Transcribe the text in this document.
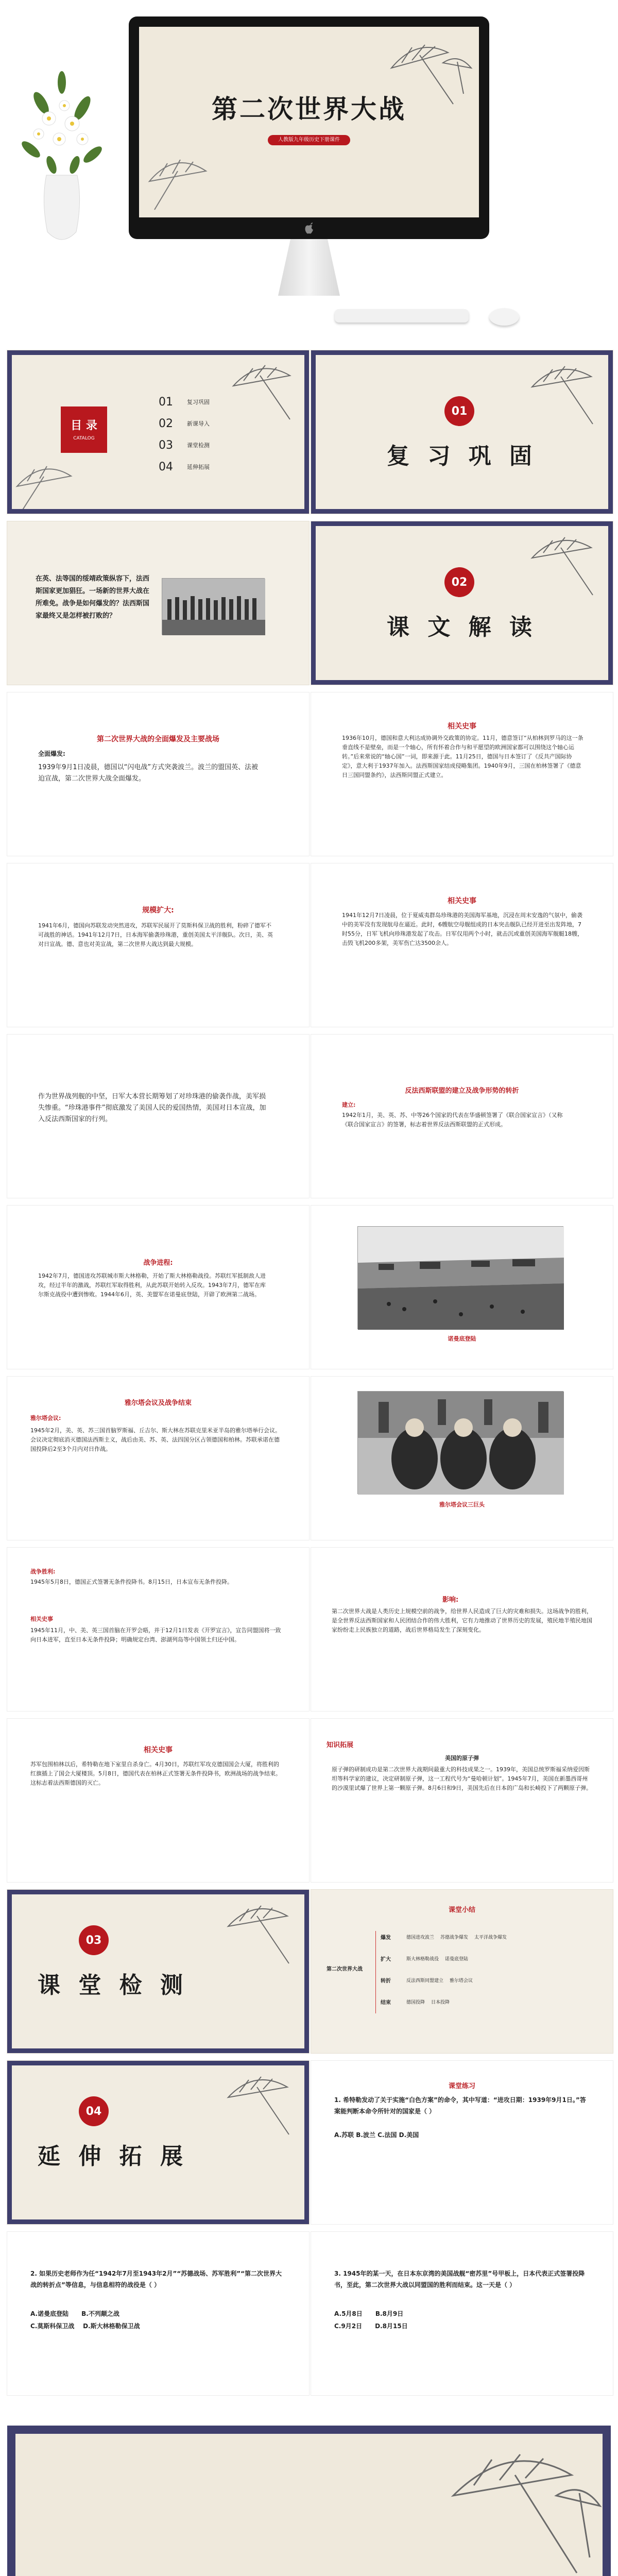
第二次世界大战
人教版九年级历史下册课件
目 录
CATALOG
01	复习巩固
02	新课导入
03	课堂检测
04	延伸拓展
01
复 习 巩 固
在英、法等国的绥靖政策纵容下，法西斯国家更加猖狂。一场新的世界大战在所难免。战争是如何爆发的？法西斯国家最终又是怎样被打败的？
02
课 文 解 读
第二次世界大战的全面爆发及主要战场
全面爆发:
1939年9月1日凌晨，德国以“闪电战”方式突袭波兰。波兰的盟国英、法被迫宣战，第二次世界大战全面爆发。
相关史事
1936年10月，德国和意大利达成协调外交政策的协定。11月，德意签订“从柏林到罗马的这一条垂直线不是壁垒，而是一个轴心，所有怀着合作与和平愿望的欧洲国家都可以围绕这个轴心运转。”后来常说的“轴心国”一词，即来源于此。11月25日，德国与日本签订了《反共产国际协定》，意大利于1937年加入。法西斯国家结成侵略集团。1940年9月，三国在柏林签署了《德意日三国同盟条约》，法西斯同盟正式建立。
规模扩大:
1941年6月，德国向苏联发动突然进攻，苏联军民展开了莫斯科保卫战的胜利，粉碎了德军不可战胜的神话。1941年12月7日，日本海军偷袭珍珠港，重创美国太平洋舰队。次日，美、英对日宣战。德、意也对美宣战，第二次世界大战达到最大规模。
相关史事
1941年12月7日凌晨，位于夏威夷群岛珍珠港的美国海军基地，沉浸在周末安逸的气氛中，偷袭中的美军没有发现航母在逼近。此时，6艘航空母舰组成的日本突击舰队已经开进至出发阵地，7时55分，日军飞机向珍珠港发起了攻击。日军仅用两个小时，就击沉或重创美国海军舰艇18艘，击毁飞机200多架，美军伤亡达3500余人。
作为世界战列舰的中坚，日军大本营长期筹划了对珍珠港的偷袭作战，美军损失惨重。“珍珠港事件”彻底激发了美国人民的爱国热情，美国对日本宣战，加入反法西斯国家的行列。
反法西斯联盟的建立及战争形势的转折
建立:
1942年1月，美、英、苏、中等26个国家的代表在华盛顿签署了《联合国家宣言》（又称《联合国家宣言》的签署，标志着世界反法西斯联盟的正式形成。
战争进程:
1942年7月，德国进攻苏联城市斯大林格勒，开始了斯大林格勒战役。苏联红军抵制敌人进攻，经过半年的激战，苏联红军取得胜利，从此苏联开始转入反攻。1943年7月，德军在库尔斯克战役中遭到惨败。1944年6月，英、美盟军在诺曼底登陆，开辟了欧洲第二战场。
诺曼底登陆
雅尔塔会议及战争结束
雅尔塔会议:
1945年2月，美、英、苏三国首脑罗斯福、丘吉尔、斯大林在苏联克里米亚半岛的雅尔塔举行会议。会议决定彻底消灭德国法西斯主义，战后由美、苏、英、法四国分区占领德国和柏林。苏联承诺在德国投降后2至3个月内对日作战。
雅尔塔会议三巨头
战争胜利:
1945年5月8日，德国正式签署无条件投降书。8月15日，日本宣布无条件投降。
相关史事
1945年11月，中、美、英三国首脑在开罗会晤，并于12月1日发表《开罗宣言》，宣告同盟国将一致向日本进军，直至日本无条件投降；明确规定台湾、澎湖列岛等中国领土归还中国。
影响:
第二次世界大战是人类历史上规模空前的战争，给世界人民造成了巨大的灾难和损失。这场战争的胜利，是全世界反法西斯国家和人民团结合作的伟大胜利，它有力地推动了世界历史的发展，殖民地半殖民地国家纷纷走上民族独立的道路，战后世界格局发生了深刻变化。
相关史事
苏军包围柏林以后，希特勒在地下室里自杀身亡。4月30日，苏联红军攻克德国国会大厦，将胜利的红旗插上了国会大厦楼顶。5月8日，德国代表在柏林正式签署无条件投降书，欧洲战场的战争结束。这标志着法西斯德国的灭亡。
知识拓展
美国的原子弹
原子弹的研制成功是第二次世界大战期间最重大的科技成果之一。1939年，美国总统罗斯福采纳爱因斯坦等科学家的建议，决定研制原子弹，这一工程代号为“曼哈顿计划”。1945年7月，美国在新墨西哥州的沙漠里试爆了世界上第一颗原子弹。8月6日和9日，美国先后在日本的广岛和长崎投下了两颗原子弹。
03
课 堂 检 测
课堂小结
第二次世界大战
爆发	德国进攻波兰 苏德战争爆发 太平洋战争爆发
扩大	斯大林格勒战役 诺曼底登陆
转折	反法西斯同盟建立 雅尔塔会议
结束	德国投降 日本投降
04
延 伸 拓 展
课堂练习
1. 希特勒发动了关于实施“白色方案”的命令，其中写道：“进攻日期：1939年9月1日。”答案能判断本命令所针对的国家是（ ）
A.苏联 B.波兰 C.法国 D.美国
2. 如果历史老师作为任“1942年7月至1943年2月”“苏德战场、苏军胜利”“第二次世界大战的转折点”等信息，与信息相符的战役是（ ）
A.诺曼底登陆      B.不列颠之战
C.莫斯科保卫战    D.斯大林格勒保卫战
3. 1945年的某一天，在日本东京湾的美国战舰“密苏里”号甲板上，日本代表正式签署投降书，至此，第二次世界大战以同盟国的胜利而结束。这一天是（ ）
A.5月8日      B.8月9日
C.9月2日      D.8月15日
